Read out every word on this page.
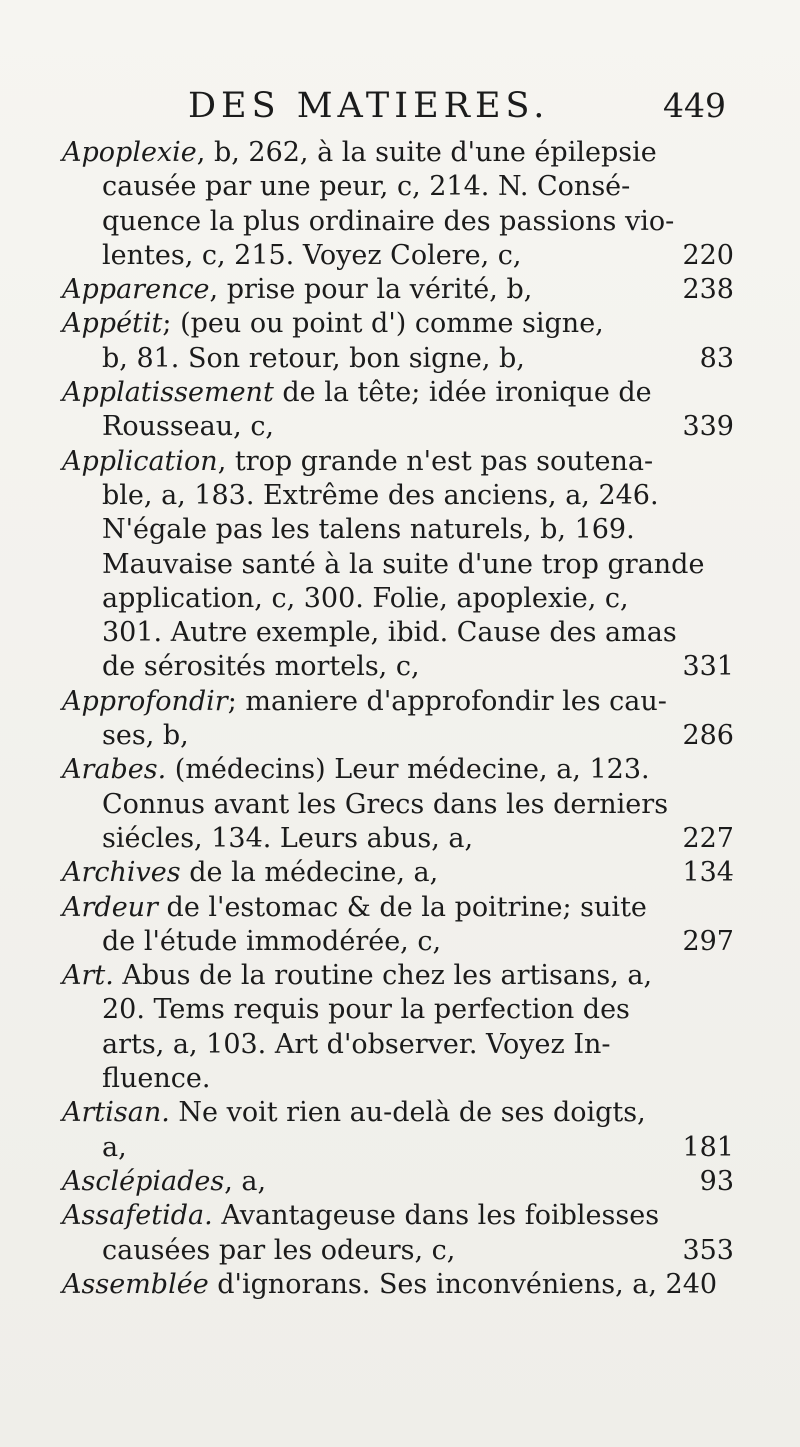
DES MATIERES.	449
Apoplexie, b, 262, à la suite d'une épilepsie
causée par une peur, c, 214. N. Consé-
quence la plus ordinaire des passions vio-
lentes, c, 215. Voyez Colere, c,	220
Apparence, prise pour la vérité, b,	238
Appétit; (peu ou point d') comme signe,
b, 81. Son retour, bon signe, b,	83
Applatissement de la tête; idée ironique de
Rousseau, c,	339
Application, trop grande n'est pas soutena-
ble, a, 183. Extrême des anciens, a, 246.
N'égale pas les talens naturels, b, 169.
Mauvaise santé à la suite d'une trop grande
application, c, 300. Folie, apoplexie, c,
301. Autre exemple, ibid. Cause des amas
de sérosités mortels, c,	331
Approfondir; maniere d'approfondir les cau-
ses, b,	286
Arabes. (médecins) Leur médecine, a, 123.
Connus avant les Grecs dans les derniers
siécles, 134. Leurs abus, a,	227
Archives de la médecine, a,	134
Ardeur de l'estomac & de la poitrine; suite
de l'étude immodérée, c,	297
Art. Abus de la routine chez les artisans, a,
20. Tems requis pour la perfection des
arts, a, 103. Art d'observer. Voyez In-
fluence.
Artisan. Ne voit rien au-delà de ses doigts,
a,	181
Asclépiades, a,	93
Assafetida. Avantageuse dans les foiblesses
causées par les odeurs, c,	353
Assemblée d'ignorans. Ses inconvéniens, a, 240
